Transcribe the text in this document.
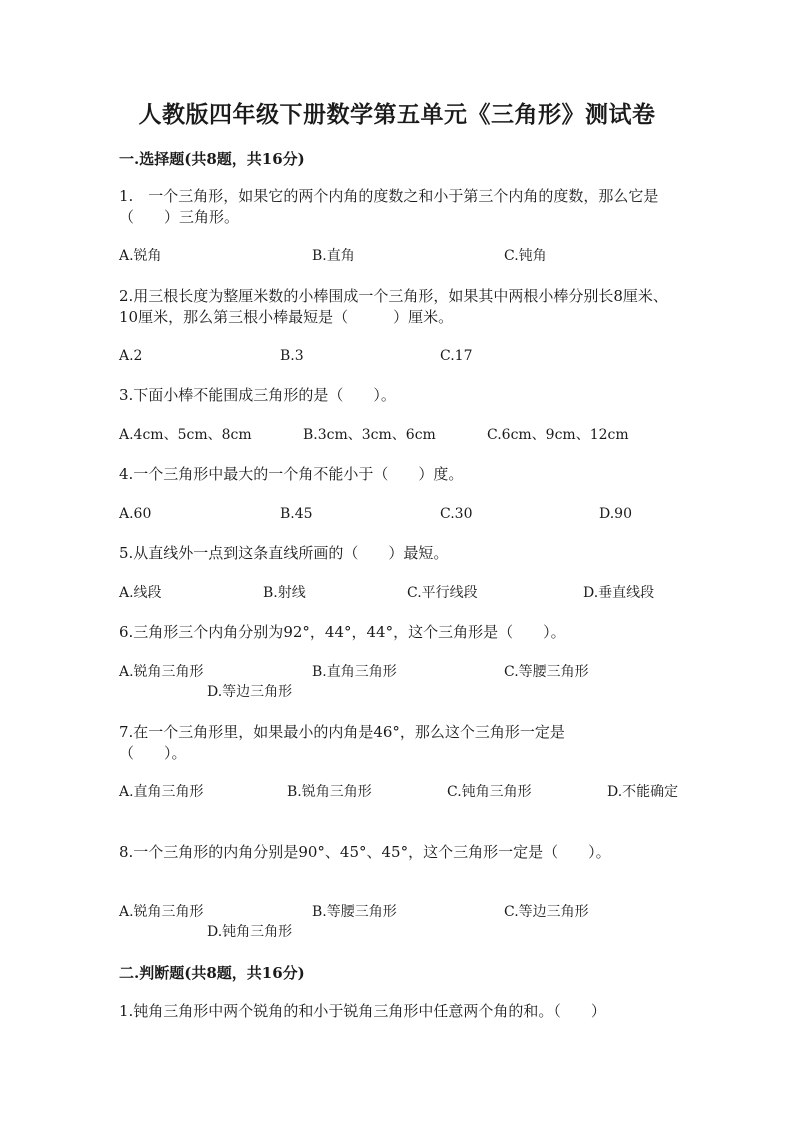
人教版四年级下册数学第五单元《三角形》测试卷
一.选择题(共8题，共16分)
1.　一个三角形，如果它的两个内角的度数之和小于第三个内角的度数，那么它是（　　）三角形。
A.锐角	B.直角	C.钝角
2.用三根长度为整厘米数的小棒围成一个三角形，如果其中两根小棒分别长8厘米、10厘米，那么第三根小棒最短是（　　　）厘米。
A.2	B.3	C.17
3.下面小棒不能围成三角形的是（　　）。
A.4cm、5cm、8cm	B.3cm、3cm、6cm	C.6cm、9cm、12cm
4.一个三角形中最大的一个角不能小于（　　）度。
A.60	B.45	C.30	D.90
5.从直线外一点到这条直线所画的（　　）最短。
A.线段	B.射线	C.平行线段	D.垂直线段
6.三角形三个内角分别为92°，44°，44°，这个三角形是（　　）。
A.锐角三角形	B.直角三角形	C.等腰三角形
D.等边三角形
7.在一个三角形里，如果最小的内角是46°，那么这个三角形一定是（　　）。
A.直角三角形	B.锐角三角形	C.钝角三角形	D.不能确定
8.一个三角形的内角分别是90°、45°、45°，这个三角形一定是（　　）。
A.锐角三角形	B.等腰三角形	C.等边三角形
D.钝角三角形
二.判断题(共8题，共16分)
1.钝角三角形中两个锐角的和小于锐角三角形中任意两个角的和。（　　）
